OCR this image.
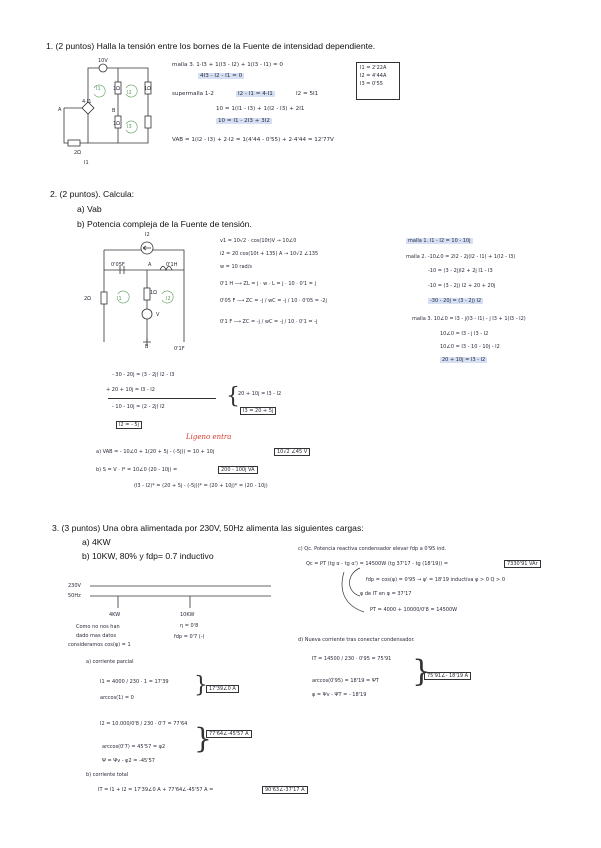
1. (2 puntos) Halla la tensión entre los bornes de la Fuente de intensidad dependiente.
10V
1Ω	1Ω
1Ω
2Ω
4·I1
A	B
I1
I2
I3
I1
malla 3. 1·I3 + 1(I3 - I2) + 1(I3 - I1) = 0
4I3 - I2 - I1 = 0
supermalla 1-2	I2 - I1 = 4·I1	I2 = 5I1
10 = 1(I1 - I3) + 1(I2 - I3) + 2I1
10 = I1 - 2I3 + 3I2
VAB = 1(I2 - I3) + 2·I2 = 1(4'44 - 0'55) + 2·4'44 = 12'77V
I1 = 2'22A
I2 = 4'44A
I3 = 0'55
2. (2 puntos). Calcula:
a) Vab
b) Potencia compleja de la Fuente de tensión.
I2
0'05F	A	0'1H
1Ω
2Ω
V
I1	I2
B	0'1F
v1 = 10√2 · cos(10t)V → 10∠0
i2 = 20 cos(10t + 135) A → 10√2 ∠135
w = 10 rad/s
0'1 H ⟶ ZL = j · w · L = j · 10 · 0'1 = j
0'05 F ⟶ ZC = -j / wC = -j / 10 · 0'05 = -2j
0'1 F ⟶ ZC = -j / wC = -j / 10 · 0'1 = -j
malla 1. I1 - I2 = 10 - 10j
malla 2. -10∠0 = 2I2 - 2j(I2 - I1) + 1(I2 - I3)
-10 = (3 - 2j)I2 + 2j I1 - I3
-10 = (3 - 2j) I2 + 20 + 20j
-30 - 20j = (3 - 2j) I2
malla 3. 10∠0 = I3 - j(I3 - I1) - j I3 + 1(I3 - I2)
10∠0 = I3 - j I3 - I2
10∠0 = I3 - 10 - 10j - I2
20 + 10j = I3 - I2
- 30 - 20j = (3 - 2j) I2 - I3
+ 20 + 10j = I3 - I2
- 10 - 10j = (2 - 2j) I2
I2 = - 5j
{
20 + 10j = I3 - I2
I3 = 20 + 5j
Ligeno entra
a) VAB = - 10∠0 + 1(20 + 5j - (-5j)) = 10 + 10j	10√2 ∠45 V
b) S = V · I* = 10∠0 (20 - 10j) =	200 - 100j VA
(I3 - I2)* = (20 + 5j - (-5j))* = (20 + 10j)* = (20 - 10j)
3. (3 puntos) Una obra alimentada por 230V, 50Hz alimenta las siguientes cargas:
a) 4KW
b) 10KW, 80% y fdp= 0.7 inductivo
230V
50Hz
4KW	10KW
η = 0'8
fdp = 0'7 (-)
Como no nos han
dado mas datos
consideramos cos(φ) = 1
a) corriente parcial
I1 = 4000 / 230 · 1 = 17'39
arccos(1) = 0	} 17'39∠0 A
I2 = 10.000/0'8 / 230 · 0'7 = 77'64
arccos(0'7) = 45'57 = φ2
Ψ = Ψv - φ2 = -45'57
}
77'64∠-45'57 A
b) corriente total
IT = I1 + I2 = 17'39∠0 A + 77'64∠-45'57 A =	90'63∠-37'17 A
c) Qc. Potencia reactiva condensador elevar fdp a 0'95 ind.
Qc = PT (tg α - tg α') = 14500W (tg 37'17 - tg (18'19)) =	7330'91 VAr
fdp = cos(φ) = 0'95 → φ' = 18'19 inductiva φ > 0 Q > 0
φ de IT en φ = 37'17
PT = 4000 + 10000/0'8 = 14500W
d) Nueva corriente tras conectar condensador.
IT = 14500 / 230 · 0'95 = 75'91
arccos(0'95) = 18'19 = ΨT
φ = Ψv - ΨT = - 18'19
}
75'91∠- 18'19 A
